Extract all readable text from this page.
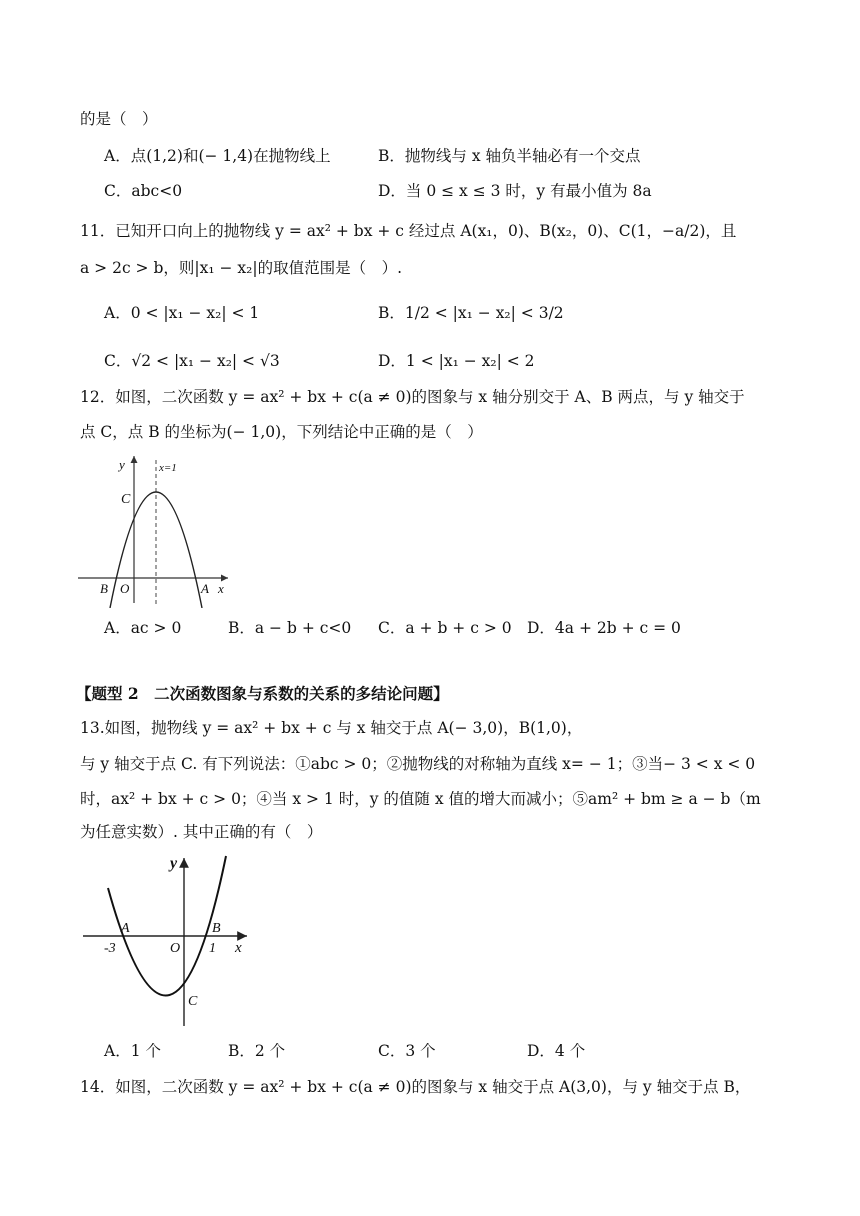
的是（　）
A．点(1,2)和(− 1,4)在抛物线上	B．抛物线与 x 轴负半轴必有一个交点
C．abc<0	D．当 0 ≤ x ≤ 3 时，y 有最小值为 8a
11．已知开口向上的抛物线 y = ax² + bx + c 经过点 A(x₁，0)、B(x₂，0)、C(1，−a/2)，且
a > 2c > b，则|x₁ − x₂|的取值范围是（　）.
A．0 < |x₁ − x₂| < 1	B．1/2 < |x₁ − x₂| < 3/2
C．√2 < |x₁ − x₂| < √3	D．1 < |x₁ − x₂| < 2
12．如图，二次函数 y = ax² + bx + c(a ≠ 0)的图象与 x 轴分别交于 A、B 两点，与 y 轴交于
点 C，点 B 的坐标为(− 1,0)，下列结论中正确的是（　）
y	x=1
C
B O	A x
A．ac > 0	B．a − b + c<0 C．a + b + c > 0 D．4a + 2b + c = 0
【题型 2　二次函数图象与系数的关系的多结论问题】
13.如图，抛物线 y = ax² + bx + c 与 x 轴交于点 A(− 3,0)，B(1,0)，
与 y 轴交于点 C. 有下列说法：①abc > 0；②抛物线的对称轴为直线 x= − 1；③当− 3 < x < 0
时，ax² + bx + c > 0；④当 x > 1 时，y 的值随 x 值的增大而减小；⑤am² + bm ≥ a − b（m
为任意实数）. 其中正确的有（　）
y
A	B
-3	O 1 x
C
A．1 个	B．2 个	C．3 个	D．4 个
14．如图，二次函数 y = ax² + bx + c(a ≠ 0)的图象与 x 轴交于点 A(3,0)，与 y 轴交于点 B，
